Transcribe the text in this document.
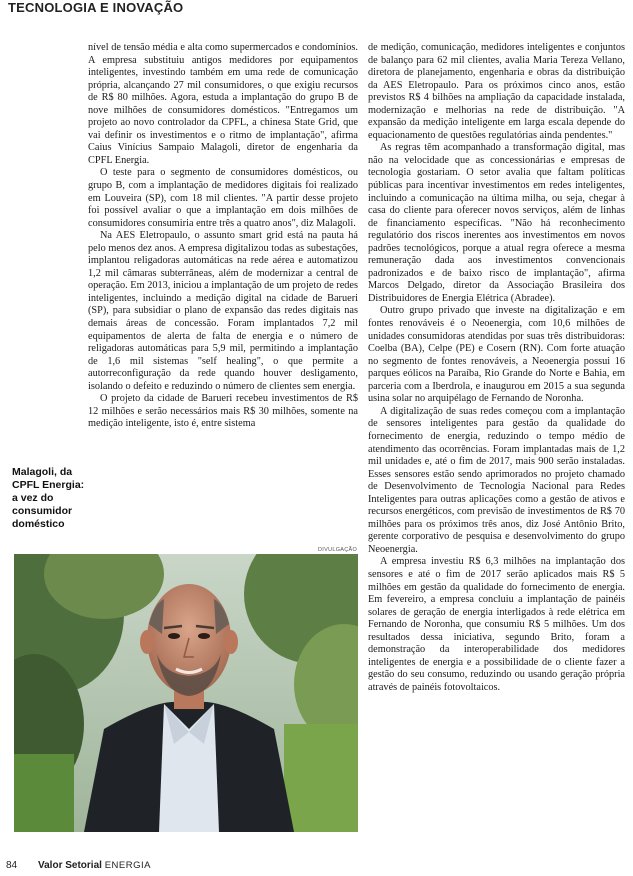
TECNOLOGIA E INOVAÇÃO
Malagoli, da CPFL Energia: a vez do consumidor doméstico

nível de tensão média e alta como supermercados e condomínios. A empresa substituiu antigos medidores por equipamentos inteligentes, investindo também em uma rede de comunicação própria, alcançando 27 mil consumidores, o que exigiu recursos de R$ 80 milhões. Agora, estuda a implantação do grupo B de nove milhões de consumidores domésticos. "Entregamos um projeto ao novo controlador da CPFL, a chinesa State Grid, que vai definir os investimentos e o ritmo de implantação", afirma Caius Vinícius Sampaio Malagoli, diretor de engenharia da CPFL Energia.

O teste para o segmento de consumidores domésticos, ou grupo B, com a implantação de medidores digitais foi realizado em Louveira (SP), com 18 mil clientes. "A partir desse projeto foi possível avaliar o que a implantação em dois milhões de consumidores consumiria entre três a quatro anos", diz Malagoli.

Na AES Eletropaulo, o assunto smart grid está na pauta há pelo menos dez anos. A empresa digitalizou todas as subestações, implantou religadoras automáticas na rede aérea e automatizou 1,2 mil câmaras subterrâneas, além de modernizar a central de operação. Em 2013, iniciou a implantação de um projeto de redes inteligentes, incluindo a medição digital na cidade de Barueri (SP), para subsidiar o plano de expansão das redes digitais nas demais áreas de concessão. Foram implantados 7,2 mil equipamentos de alerta de falta de energia e o número de religadoras automáticas para 5,9 mil, permitindo a implantação de 1,6 mil sistemas "self healing", o que permite a autorreconfiguração da rede quando houver desligamento, isolando o defeito e reduzindo o número de clientes sem energia.

O projeto da cidade de Barueri recebeu investimentos de R$ 12 milhões e serão necessários mais R$ 30 milhões, somente na medição inteligente, isto é, entre sistema

de medição, comunicação, medidores inteligentes e conjuntos de balanço para 62 mil clientes, avalia Maria Tereza Vellano, diretora de planejamento, engenharia e obras da distribuição da AES Eletropaulo. Para os próximos cinco anos, estão previstos R$ 4 bilhões na ampliação da capacidade instalada, modernização e melhorias na rede de distribuição. "A expansão da medição inteligente em larga escala depende do equacionamento de questões regulatórias ainda pendentes."

As regras têm acompanhado a transformação digital, mas não na velocidade que as concessionárias e empresas de tecnologia gostariam. O setor avalia que faltam políticas públicas para incentivar investimentos em redes inteligentes, incluindo a comunicação na última milha, ou seja, chegar à casa do cliente para oferecer novos serviços, além de linhas de financiamento específicas. "Não há reconhecimento regulatório dos riscos inerentes aos investimentos em novos padrões tecnológicos, porque a atual regra oferece a mesma remuneração dada aos investimentos convencionais padronizados e de baixo risco de implantação", afirma Marcos Delgado, diretor da Associação Brasileira dos Distribuidores de Energia Elétrica (Abradee).

Outro grupo privado que investe na digitalização e em fontes renováveis é o Neoenergia, com 10,6 milhões de unidades consumidoras atendidas por suas três distribuidoras: Coelba (BA), Celpe (PE) e Cosern (RN). Com forte atuação no segmento de fontes renováveis, a Neoenergia possui 16 parques eólicos na Paraíba, Rio Grande do Norte e Bahia, em parceria com a Iberdrola, e inaugurou em 2015 a sua segunda usina solar no arquipélago de Fernando de Noronha.

A digitalização de suas redes começou com a implantação de sensores inteligentes para gestão da qualidade do fornecimento de energia, reduzindo o tempo médio de atendimento das ocorrências. Foram implantadas mais de 1,2 mil unidades e, até o fim de 2017, mais 900 serão instaladas. Esses sensores estão sendo aprimorados no projeto chamado de Desenvolvimento de Tecnologia Nacional para Redes Inteligentes para outras aplicações como a gestão de ativos e recursos energéticos, com previsão de investimentos de R$ 70 milhões para os próximos três anos, diz José Antônio Brito, gerente corporativo de pesquisa e desenvolvimento do grupo Neoenergia.

A empresa investiu R$ 6,3 milhões na implantação dos sensores e até o fim de 2017 serão aplicados mais R$ 5 milhões em gestão da qualidade do fornecimento de energia. Em fevereiro, a empresa concluiu a implantação de painéis solares de geração de energia interligados à rede elétrica em Fernando de Noronha, que consumiu R$ 5 milhões. Um dos resultados dessa iniciativa, segundo Brito, foram a demonstração da interoperabilidade dos medidores inteligentes de energia e a possibilidade de o cliente fazer a gestão do seu consumo, reduzindo ou usando geração própria através de painéis fotovoltaicos.

DIVULGAÇÃO
84 Valor Setorial ENERGIA
